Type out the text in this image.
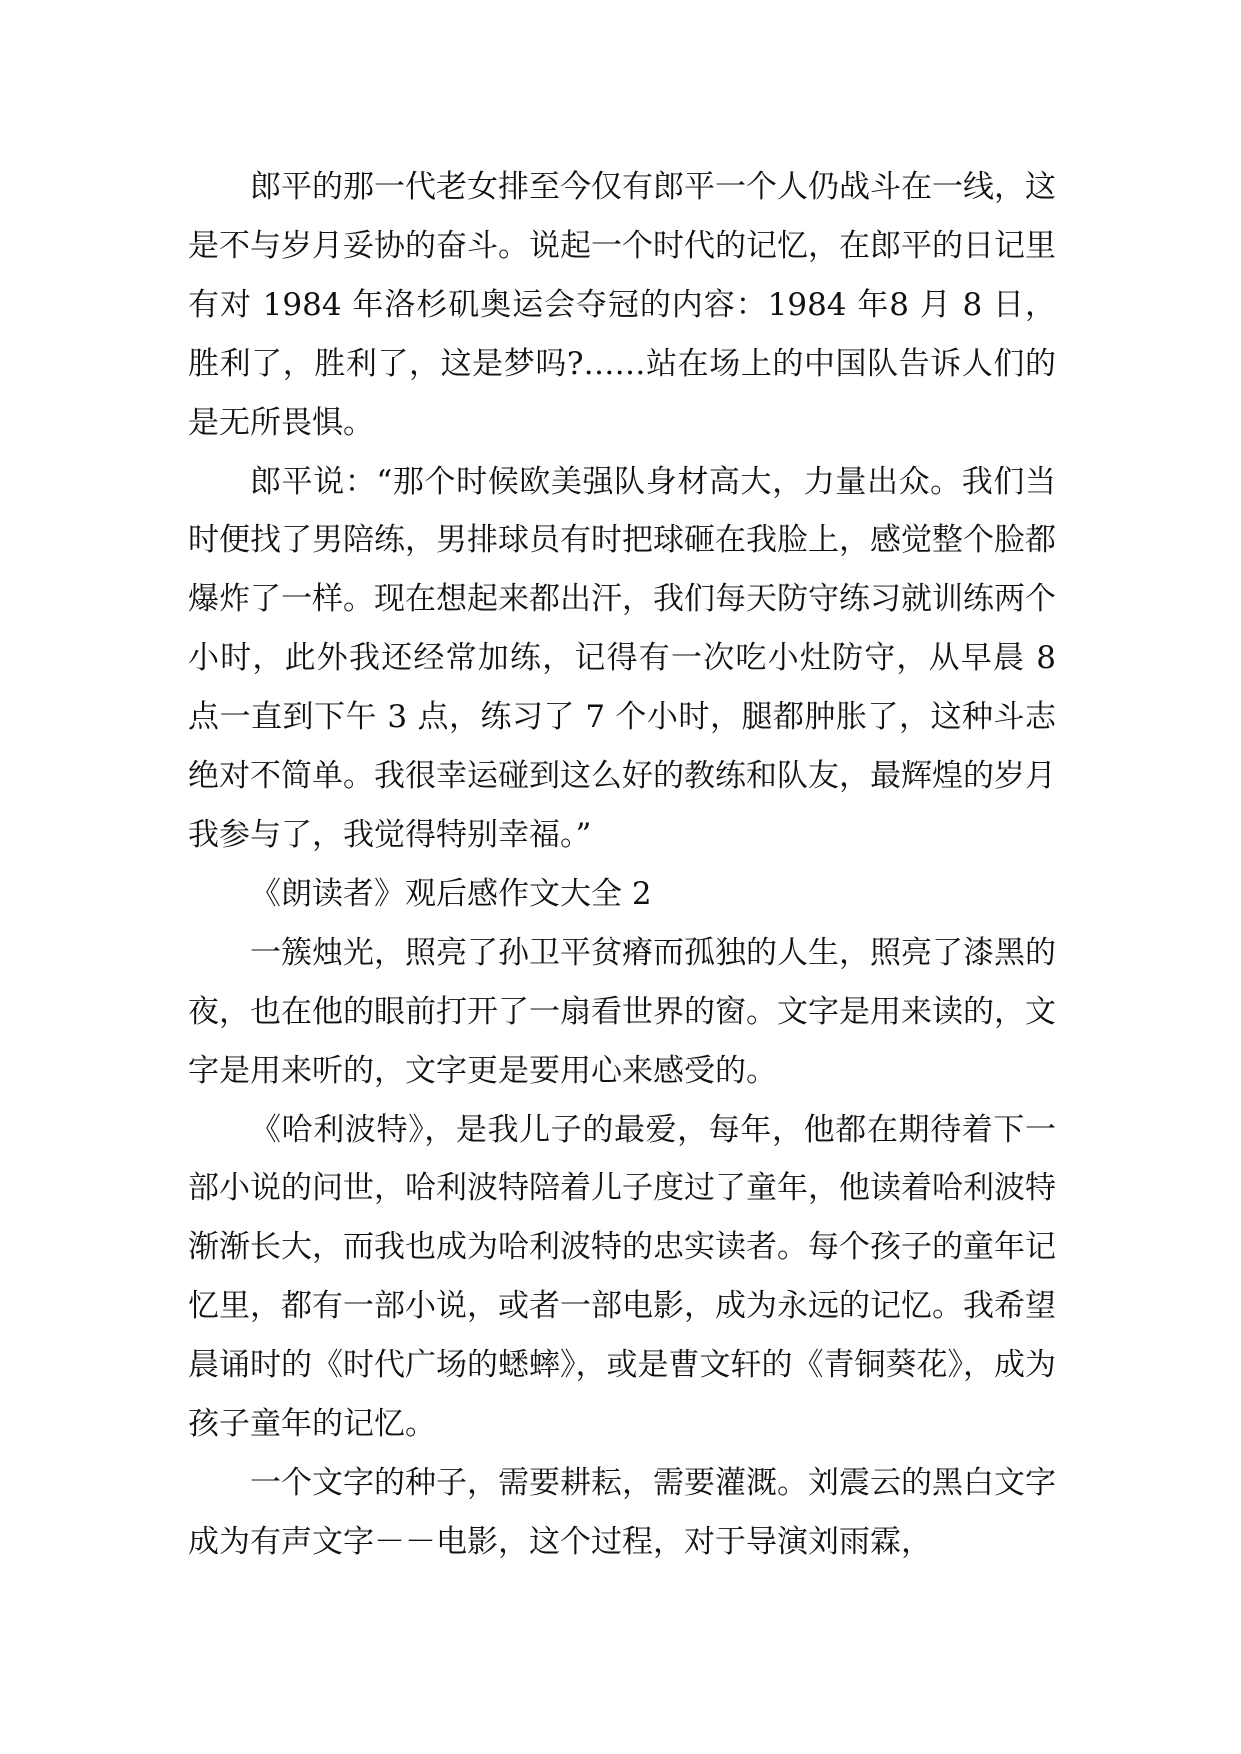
郎平的那一代老女排至今仅有郎平一个人仍战斗在一线，这是不与岁月妥协的奋斗。说起一个时代的记忆，在郎平的日记里有对 1984 年洛杉矶奥运会夺冠的内容：1984 年8 月 8 日，胜利了，胜利了，这是梦吗?……站在场上的中国队告诉人们的是无所畏惧。

郎平说：“那个时候欧美强队身材高大，力量出众。我们当时便找了男陪练，男排球员有时把球砸在我脸上，感觉整个脸都爆炸了一样。现在想起来都出汗，我们每天防守练习就训练两个小时，此外我还经常加练，记得有一次吃小灶防守，从早晨 8 点一直到下午 3 点，练习了 7 个小时，腿都肿胀了，这种斗志绝对不简单。我很幸运碰到这么好的教练和队友，最辉煌的岁月我参与了，我觉得特别幸福。”

《朗读者》观后感作文大全 2

一簇烛光，照亮了孙卫平贫瘠而孤独的人生，照亮了漆黑的夜，也在他的眼前打开了一扇看世界的窗。文字是用来读的，文字是用来听的，文字更是要用心来感受的。

《哈利波特》，是我儿子的最爱，每年，他都在期待着下一部小说的问世，哈利波特陪着儿子度过了童年，他读着哈利波特渐渐长大，而我也成为哈利波特的忠实读者。每个孩子的童年记忆里，都有一部小说，或者一部电影，成为永远的记忆。我希望晨诵时的《时代广场的蟋蟀》，或是曹文轩的《青铜葵花》，成为孩子童年的记忆。

一个文字的种子，需要耕耘，需要灌溉。刘震云的黑白文字成为有声文字－－电影，这个过程，对于导演刘雨霖，
